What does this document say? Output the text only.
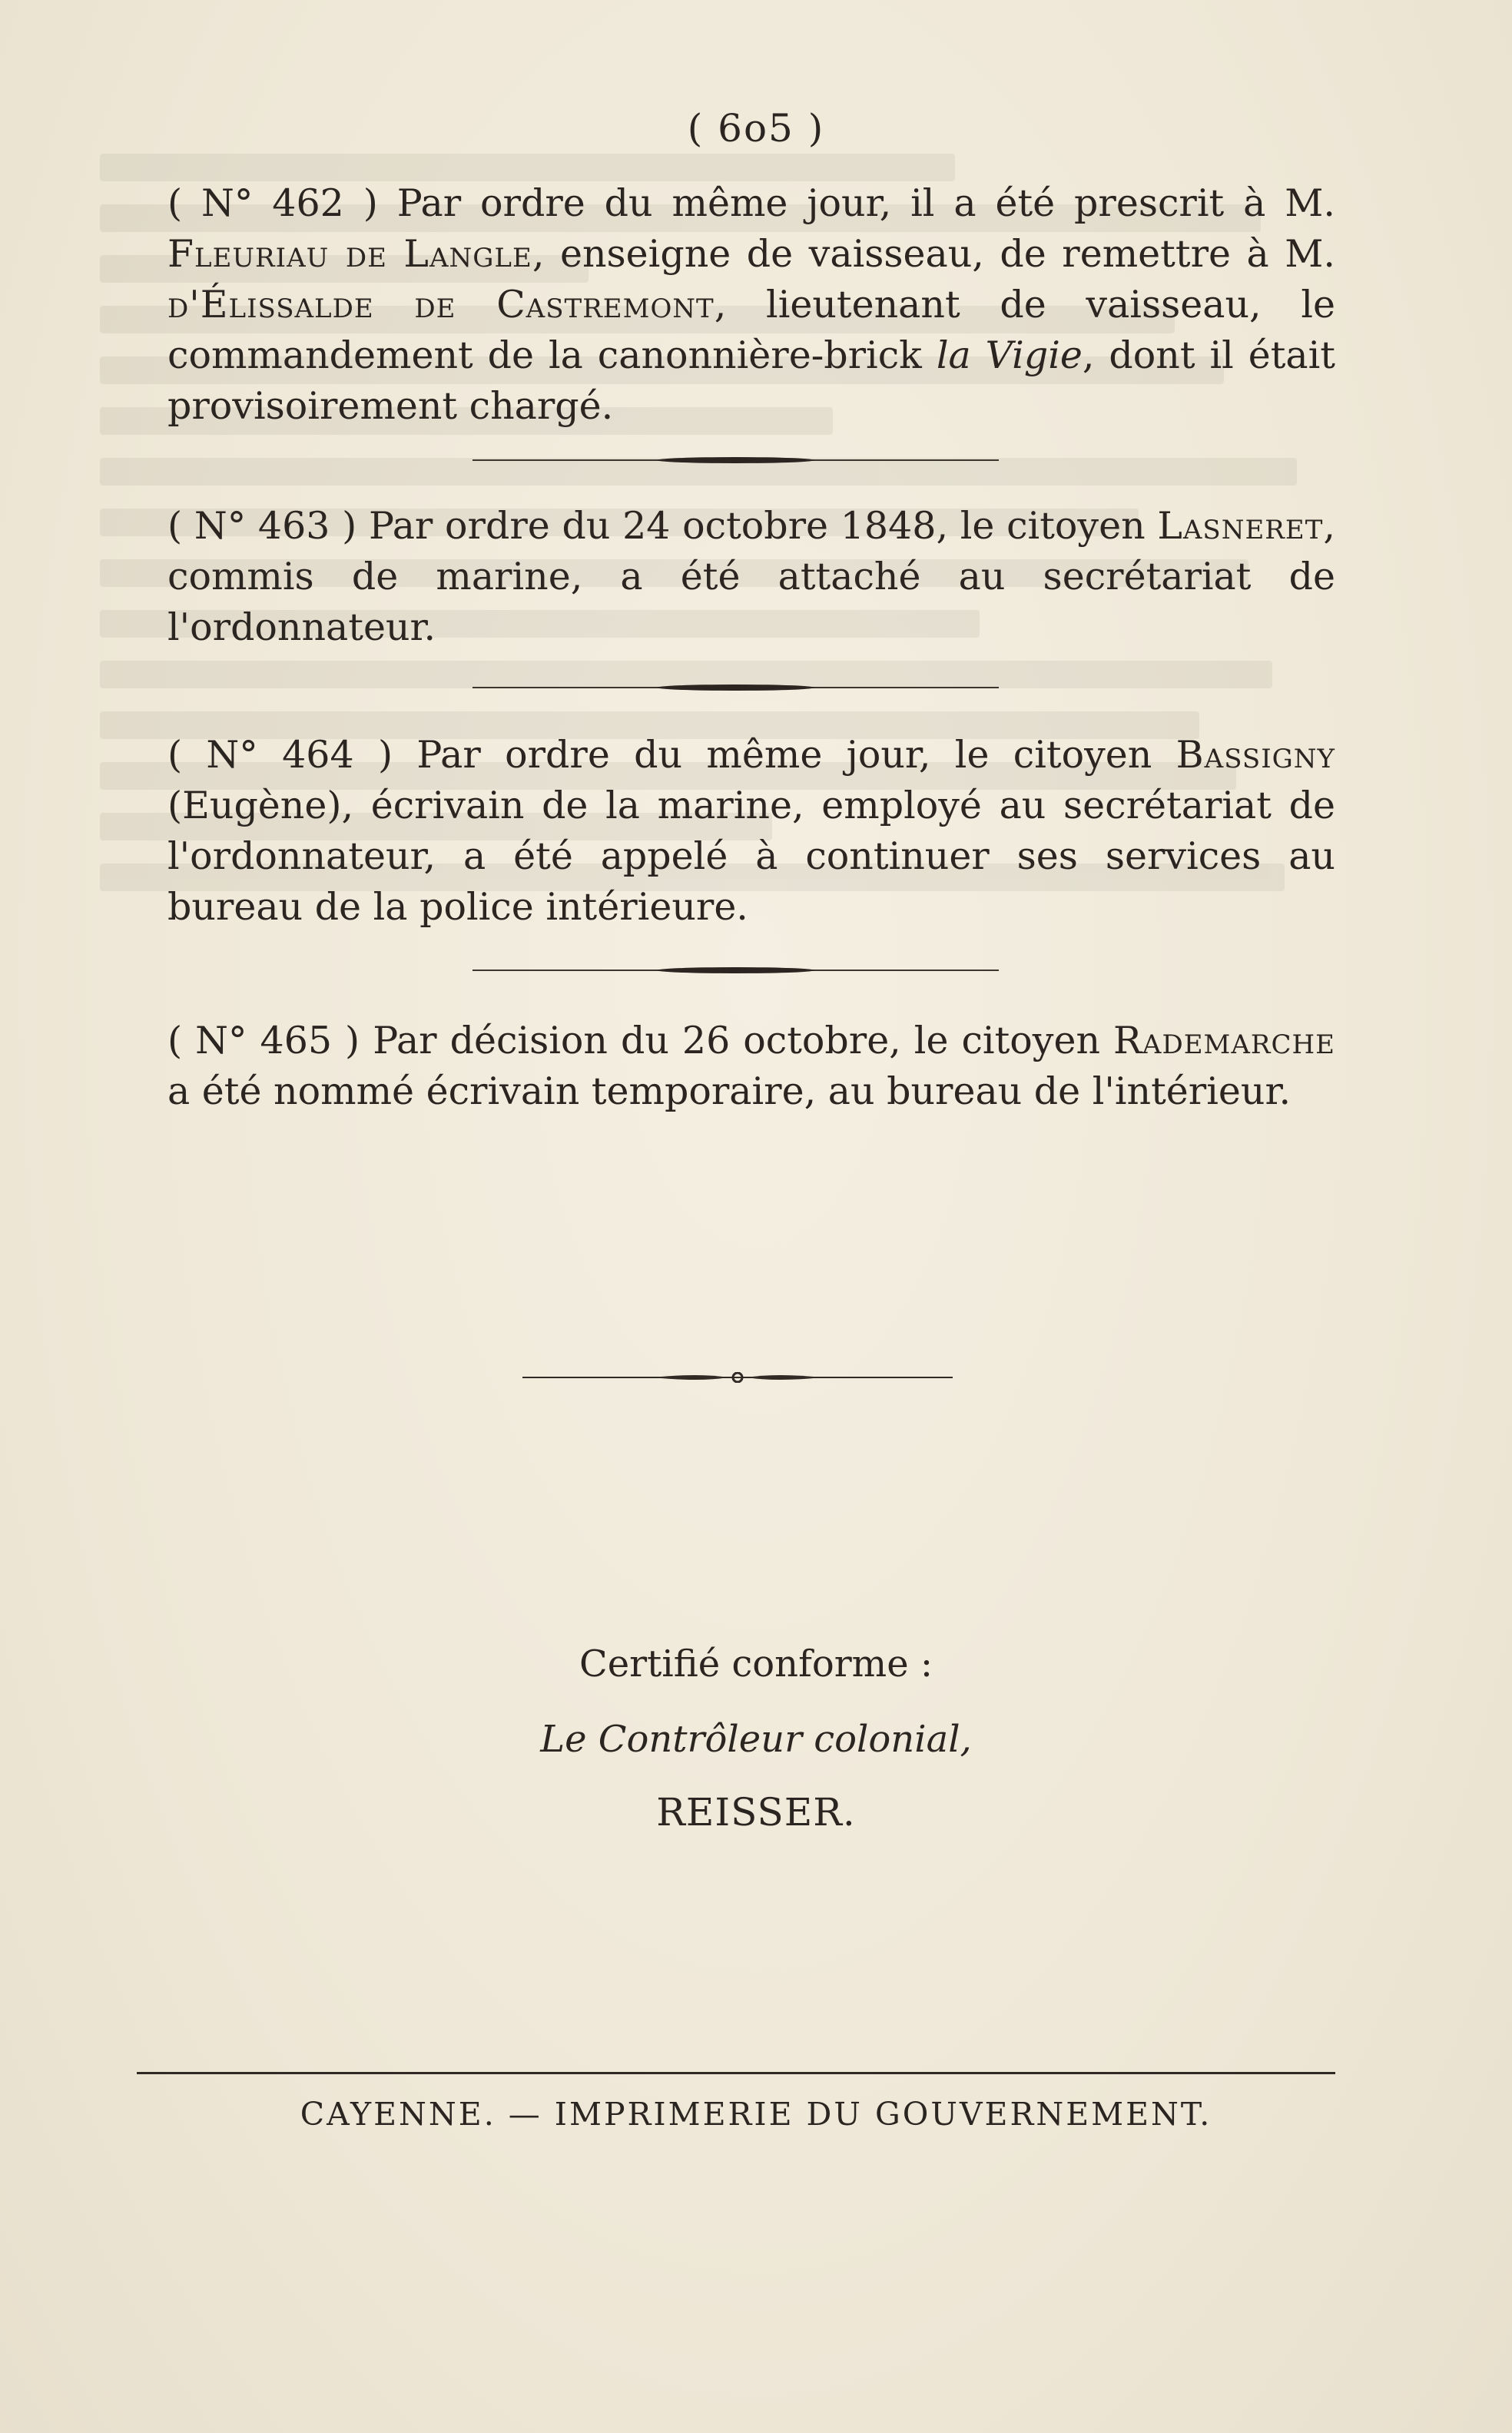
( 6o5 )
( N° 462 ) Par ordre du même jour, il a été prescrit à M. Fleuriau de Langle, enseigne de vaisseau, de remettre à M. d'Élissalde de Castremont, lieutenant de vaisseau, le commandement de la canonnière-brick la Vigie, dont il était provisoirement chargé.
( N° 463 ) Par ordre du 24 octobre 1848, le citoyen Lasneret, commis de marine, a été attaché au secrétariat de l'ordonnateur.
( N° 464 ) Par ordre du même jour, le citoyen Bassigny (Eugène), écrivain de la marine, employé au secrétariat de l'ordonnateur, a été appelé à continuer ses services au bureau de la police intérieure.
( N° 465 ) Par décision du 26 octobre, le citoyen Rademarche a été nommé écrivain temporaire, au bureau de l'intérieur.
Certifié conforme :
Le Contrôleur colonial,
REISSER.
CAYENNE. — IMPRIMERIE DU GOUVERNEMENT.
